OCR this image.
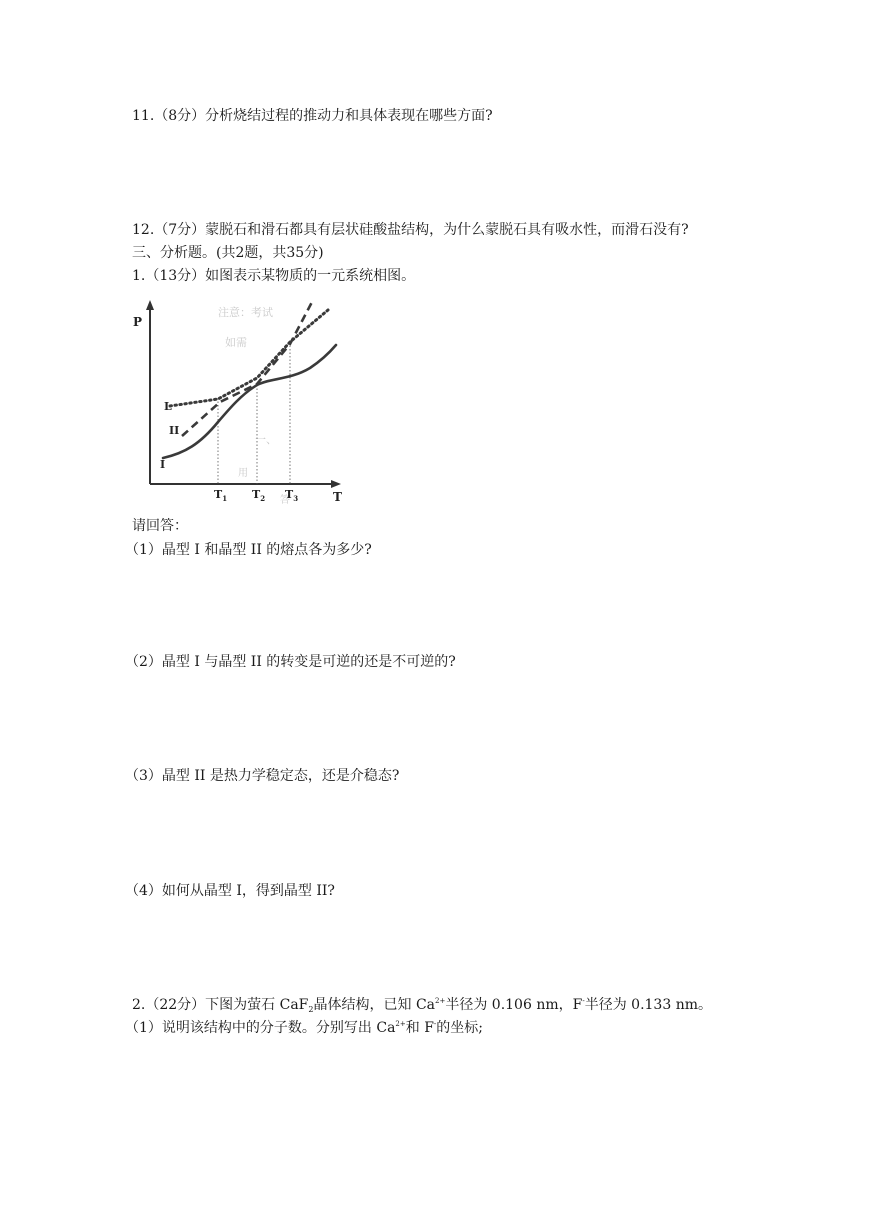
11.（8分）分析烧结过程的推动力和具体表现在哪些方面?
12.（7分）蒙脱石和滑石都具有层状硅酸盐结构，为什么蒙脱石具有吸水性，而滑石没有?
三、分析题。(共2题，共35分)
1.（13分）如图表示某物质的一元系统相图。
注意：考试
如需
一、
用
答
P
T
L
II
I
$T_1$ $T_2$ $T_3$
请回答：
（1）晶型 I 和晶型 II 的熔点各为多少?
（2）晶型 I 与晶型 II 的转变是可逆的还是不可逆的?
（3）晶型 II 是热力学稳定态，还是介稳态?
（4）如何从晶型 I，得到晶型 II?
2.（22分）下图为萤石 CaF$_2$晶体结构，已知 $Ca^{2+}$半径为 0.106 nm，F-半径为 0.133 nm。
（1）说明该结构中的分子数。分别写出 $Ca^{2+}$和 F-的坐标;
